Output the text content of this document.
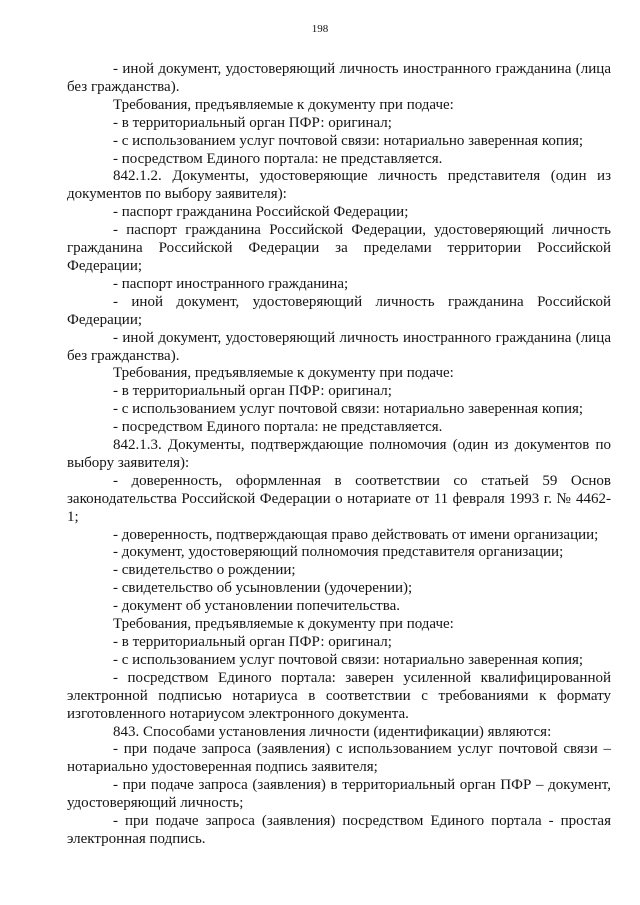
198

- иной документ, удостоверяющий личность иностранного гражданина (лица без гражданства).

Требования, предъявляемые к документу при подаче:

- в территориальный орган ПФР: оригинал;

- с использованием услуг почтовой связи: нотариально заверенная копия;

- посредством Единого портала: не представляется.

842.1.2. Документы, удостоверяющие личность представителя (один из документов по выбору заявителя):

- паспорт гражданина Российской Федерации;

- паспорт гражданина Российской Федерации, удостоверяющий личность гражданина Российской Федерации за пределами территории Российской Федерации;

- паспорт иностранного гражданина;

- иной документ, удостоверяющий личность гражданина Российской Федерации;

- иной документ, удостоверяющий личность иностранного гражданина (лица без гражданства).

Требования, предъявляемые к документу при подаче:

- в территориальный орган ПФР: оригинал;

- с использованием услуг почтовой связи: нотариально заверенная копия;

- посредством Единого портала: не представляется.

842.1.3. Документы, подтверждающие полномочия (один из документов по выбору заявителя):

- доверенность, оформленная в соответствии со статьей 59 Основ законодательства Российской Федерации о нотариате от 11 февраля 1993 г. № 4462-1;

- доверенность, подтверждающая право действовать от имени организации;

- документ, удостоверяющий полномочия представителя организации;

- свидетельство о рождении;

- свидетельство об усыновлении (удочерении);

- документ об установлении попечительства.

Требования, предъявляемые к документу при подаче:

- в территориальный орган ПФР: оригинал;

- с использованием услуг почтовой связи: нотариально заверенная копия;

- посредством Единого портала: заверен усиленной квалифицированной электронной подписью нотариуса в соответствии с требованиями к формату изготовленного нотариусом электронного документа.

843. Способами установления личности (идентификации) являются:

- при подаче запроса (заявления) с использованием услуг почтовой связи – нотариально удостоверенная подпись заявителя;

- при подаче запроса (заявления) в территориальный орган ПФР – документ, удостоверяющий личность;

- при подаче запроса (заявления) посредством Единого портала - простая электронная подпись.
